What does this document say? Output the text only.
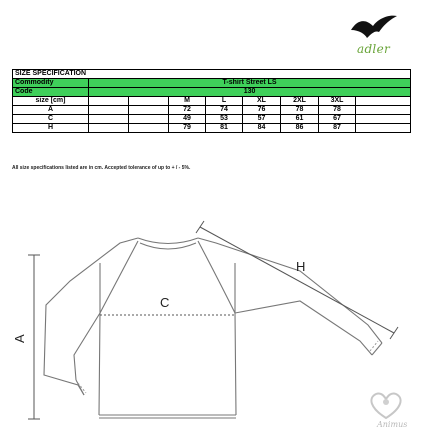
adler
SIZE SPECIFICATION								
Commodity	T-shirt Street LS							
Code	130							
size [cm]			M	L	XL	2XL	3XL	
A			72	74	76	78	78	
C			49	53	57	61	67	
H			79	81	84	86	87	
All size specifications listed are in cm. Accepted tolerance of up to + / - 5%.
H
C
A
Animus
